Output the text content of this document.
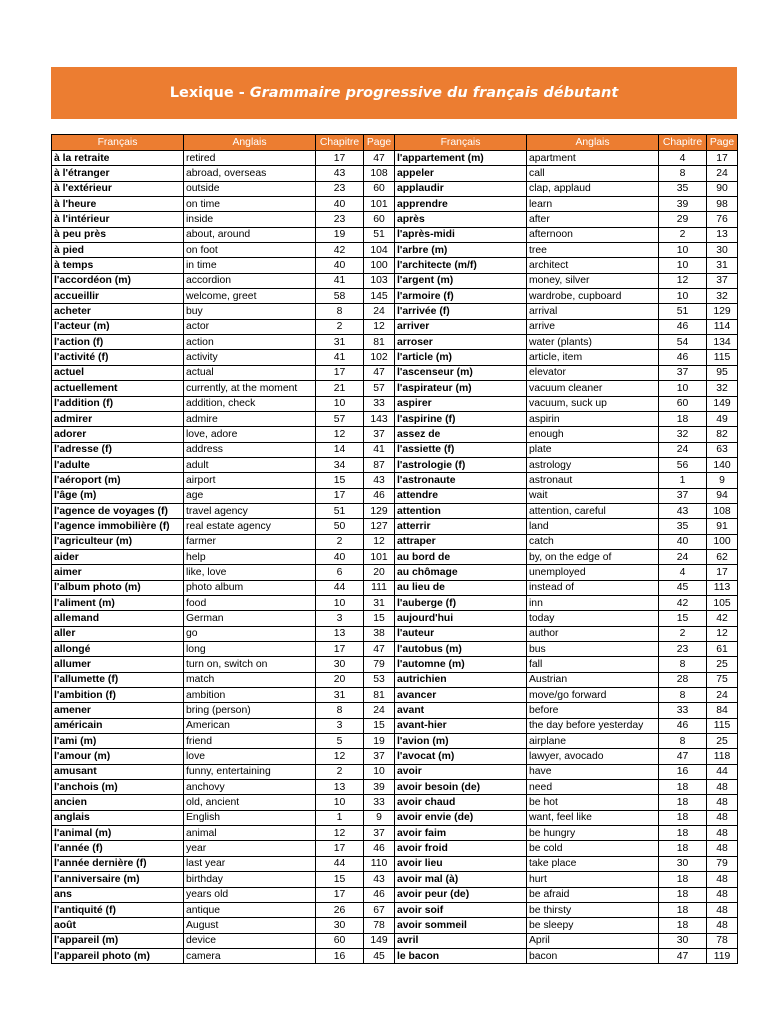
Lexique - Grammaire progressive du français débutant
Français	Anglais	Chapitre	Page	Français	Anglais	Chapitre	Page
à la retraite	retired	17	47	l'appartement (m)	apartment	4	17
à l'étranger	abroad, overseas	43	108	appeler	call	8	24
à l'extérieur	outside	23	60	applaudir	clap, applaud	35	90
à l'heure	on time	40	101	apprendre	learn	39	98
à l'intérieur	inside	23	60	après	after	29	76
à peu près	about, around	19	51	l'après-midi	afternoon	2	13
à pied	on foot	42	104	l'arbre (m)	tree	10	30
à temps	in time	40	100	l'architecte (m/f)	architect	10	31
l'accordéon (m)	accordion	41	103	l'argent (m)	money, silver	12	37
accueillir	welcome, greet	58	145	l'armoire (f)	wardrobe, cupboard	10	32
acheter	buy	8	24	l'arrivée (f)	arrival	51	129
l'acteur (m)	actor	2	12	arriver	arrive	46	114
l'action (f)	action	31	81	arroser	water (plants)	54	134
l'activité (f)	activity	41	102	l'article (m)	article, item	46	115
actuel	actual	17	47	l'ascenseur (m)	elevator	37	95
actuellement	currently, at the moment	21	57	l'aspirateur (m)	vacuum cleaner	10	32
l'addition (f)	addition, check	10	33	aspirer	vacuum, suck up	60	149
admirer	admire	57	143	l'aspirine (f)	aspirin	18	49
adorer	love, adore	12	37	assez de	enough	32	82
l'adresse (f)	address	14	41	l'assiette (f)	plate	24	63
l'adulte	adult	34	87	l'astrologie (f)	astrology	56	140
l'aéroport (m)	airport	15	43	l'astronaute	astronaut	1	9
l'âge (m)	age	17	46	attendre	wait	37	94
l'agence de voyages (f)	travel agency	51	129	attention	attention, careful	43	108
l'agence immobilière (f)	real estate agency	50	127	atterrir	land	35	91
l'agriculteur (m)	farmer	2	12	attraper	catch	40	100
aider	help	40	101	au bord de	by, on the edge of	24	62
aimer	like, love	6	20	au chômage	unemployed	4	17
l'album photo (m)	photo album	44	111	au lieu de	instead of	45	113
l'aliment (m)	food	10	31	l'auberge (f)	inn	42	105
allemand	German	3	15	aujourd'hui	today	15	42
aller	go	13	38	l'auteur	author	2	12
allongé	long	17	47	l'autobus (m)	bus	23	61
allumer	turn on, switch on	30	79	l'automne (m)	fall	8	25
l'allumette (f)	match	20	53	autrichien	Austrian	28	75
l'ambition (f)	ambition	31	81	avancer	move/go forward	8	24
amener	bring (person)	8	24	avant	before	33	84
américain	American	3	15	avant-hier	the day before yesterday	46	115
l'ami (m)	friend	5	19	l'avion (m)	airplane	8	25
l'amour (m)	love	12	37	l'avocat (m)	lawyer, avocado	47	118
amusant	funny, entertaining	2	10	avoir	have	16	44
l'anchois (m)	anchovy	13	39	avoir besoin (de)	need	18	48
ancien	old, ancient	10	33	avoir chaud	be hot	18	48
anglais	English	1	9	avoir envie (de)	want, feel like	18	48
l'animal (m)	animal	12	37	avoir faim	be hungry	18	48
l'année (f)	year	17	46	avoir froid	be cold	18	48
l'année dernière (f)	last year	44	110	avoir lieu	take place	30	79
l'anniversaire (m)	birthday	15	43	avoir mal (à)	hurt	18	48
ans	years old	17	46	avoir peur (de)	be afraid	18	48
l'antiquité (f)	antique	26	67	avoir soif	be thirsty	18	48
août	August	30	78	avoir sommeil	be sleepy	18	48
l'appareil (m)	device	60	149	avril	April	30	78
l'appareil photo (m)	camera	16	45	le bacon	bacon	47	119
